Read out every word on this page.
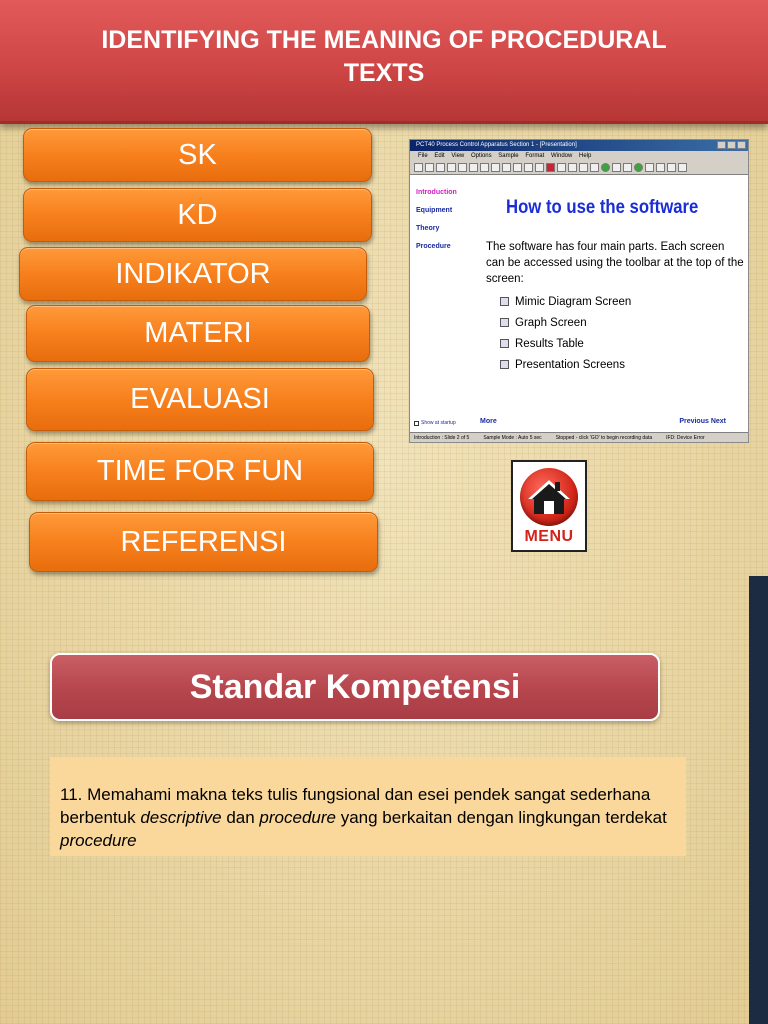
IDENTIFYING THE MEANING OF PROCEDURAL TEXTS
SK
KD
INDIKATOR
MATERI
EVALUASI
TIME FOR FUN
REFERENSI
PCT40 Process Control Apparatus Section 1 - [Presentation]
File Edit View Options Sample Format Window Help
Introduction
Equipment
Theory
Procedure
How to use the software
The software has four main parts. Each screen can be accessed using the toolbar at the top of the screen:
Mimic Diagram Screen
Graph Screen
Results Table
Presentation Screens
Show at startup	More	Previous Next
Introduction : Slide 2 of 5	Sample Mode : Auto 5 sec	Stopped - click 'GO' to begin recording data	IFD: Device Error
MENU
Standar Kompetensi
11. Memahami makna teks tulis fungsional dan esei pendek sangat sederhana berbentuk descriptive dan procedure yang berkaitan dengan lingkungan terdekat procedure
